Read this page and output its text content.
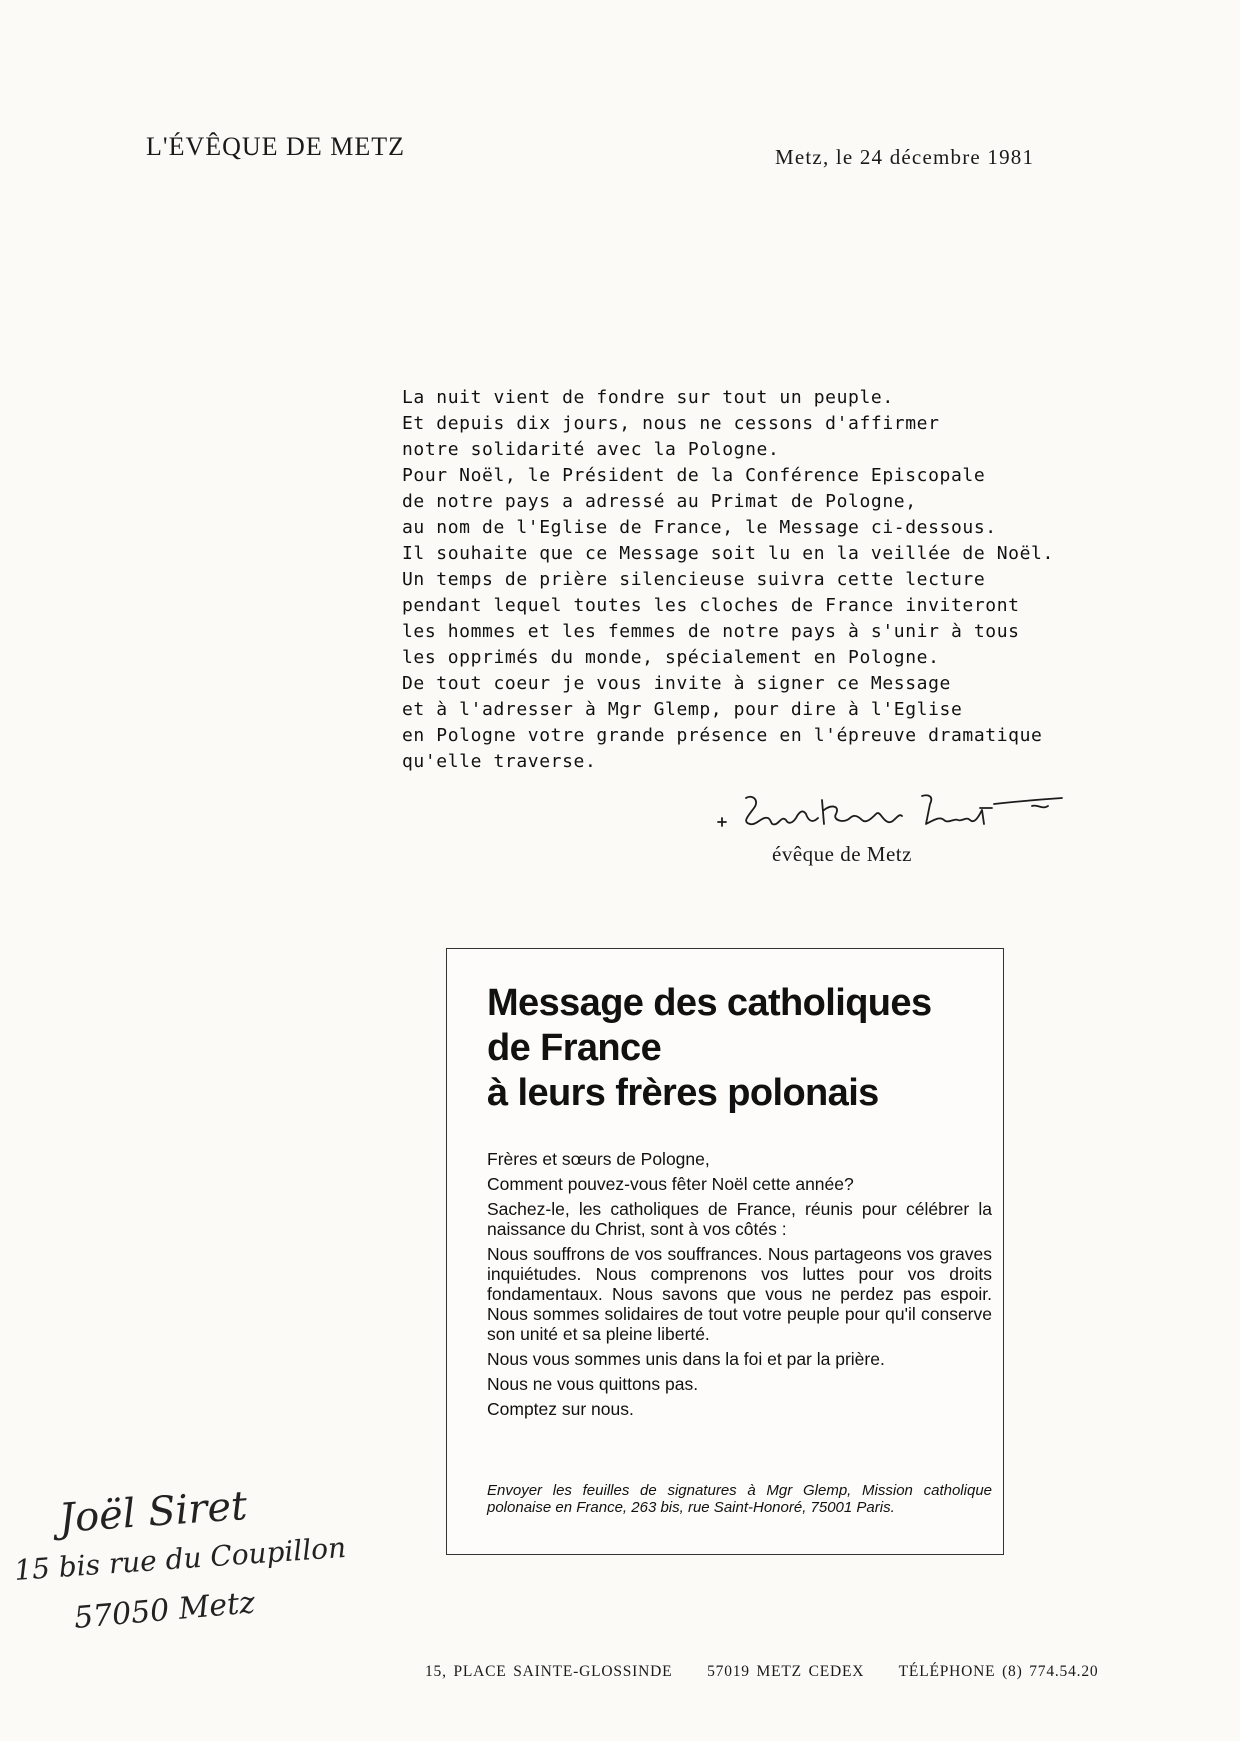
L'ÉVÊQUE DE METZ	Metz, le 24 décembre 1981
La nuit vient de fondre sur tout un peuple.
Et depuis dix jours, nous ne cessons d'affirmer
notre solidarité avec la Pologne.
Pour Noël, le Président de la Conférence Episcopale
de notre pays a adressé au Primat de Pologne,
au nom de l'Eglise de France, le Message ci-dessous.
Il souhaite que ce Message soit lu en la veillée de Noël.
Un temps de prière silencieuse suivra cette lecture
pendant lequel toutes les cloches de France inviteront
les hommes et les femmes de notre pays à s'unir à tous
les opprimés du monde, spécialement en Pologne.
De tout coeur je vous invite à signer ce Message
et à l'adresser à Mgr Glemp, pour dire à l'Eglise
en Pologne votre grande présence en l'épreuve dramatique
qu'elle traverse.
évêque de Metz
Message des catholiques
de France
à leurs frères polonais

Frères et sœurs de Pologne,

Comment pouvez-vous fêter Noël cette année?

Sachez-le, les catholiques de France, réunis pour célébrer la naissance du Christ, sont à vos côtés :

Nous souffrons de vos souffrances. Nous partageons vos graves inquiétudes. Nous comprenons vos luttes pour vos droits fondamentaux. Nous savons que vous ne perdez pas espoir. Nous sommes solidaires de tout votre peuple pour qu'il conserve son unité et sa pleine liberté.

Nous vous sommes unis dans la foi et par la prière.

Nous ne vous quittons pas.

Comptez sur nous.

Envoyer les feuilles de signatures à Mgr Glemp, Mission catholique polonaise en France, 263 bis, rue Saint-Honoré, 75001 Paris.
Joël Siret
15 bis rue du Coupillon
57050 Metz
15, PLACE SAINTE-GLOSSINDE 57019 METZ CEDEX TÉLÉPHONE (8) 774.54.20
